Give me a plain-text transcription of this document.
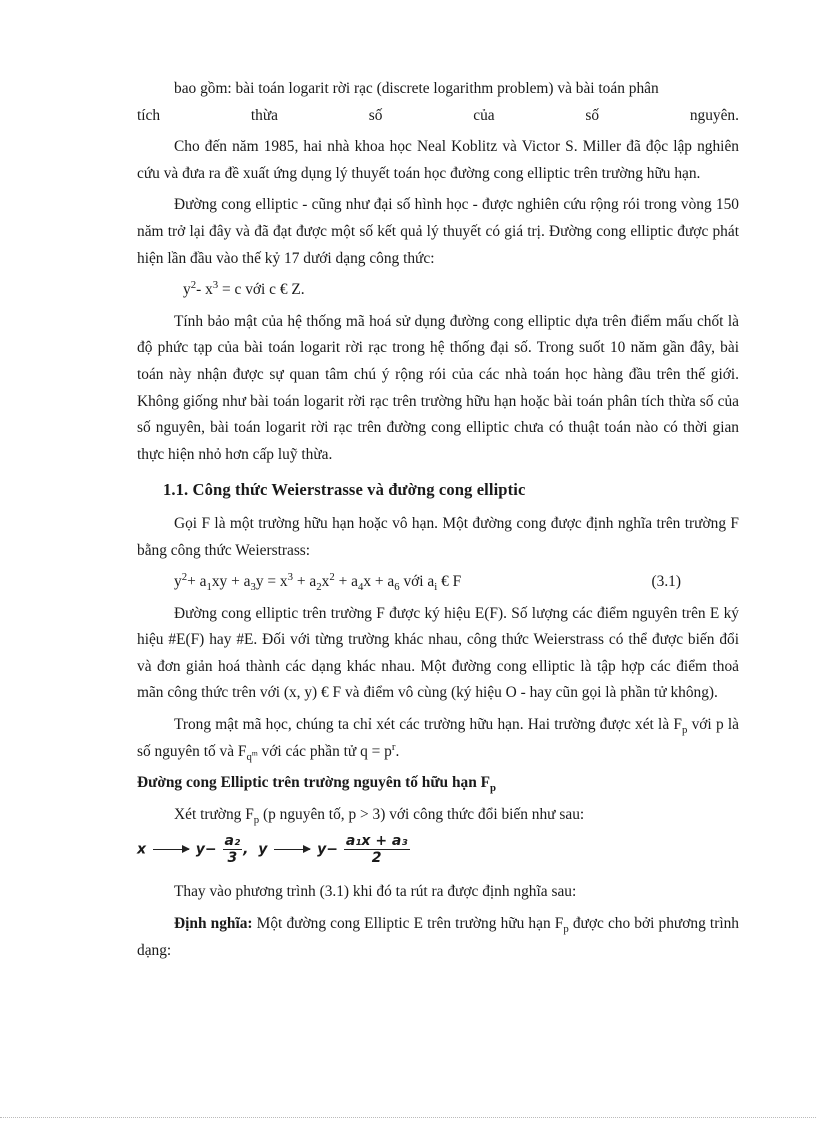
bao gồm: bài toán logarit rời rạc (discrete logarithm problem) và bài toán phân

tích	thừa	số	của	số	nguyên.

Cho đến năm 1985, hai nhà khoa học Neal Koblitz và Victor S. Miller đã độc lập nghiên cứu và đưa ra đề xuất ứng dụng lý thuyết toán học đường cong elliptic trên trường hữu hạn.

Đường cong elliptic - cũng như đại số hình học - được nghiên cứu rộng rói trong vòng 150 năm trở lại đây và đã đạt được một số kết quả lý thuyết có giá trị. Đường cong elliptic được phát hiện lần đầu vào thế kỷ 17 dưới dạng công thức:

$y^2-$ $x^3 = c$ với c € Z.

Tính bảo mật của hệ thống mã hoá sử dụng đường cong elliptic dựa trên điểm mấu chốt là độ phức tạp của bài toán logarit rời rạc trong hệ thống đại số. Trong suốt 10 năm gần đây, bài toán này nhận được sự quan tâm chú ý rộng rói của các nhà toán học hàng đầu trên thế giới. Không giống như bài toán logarit rời rạc trên trường hữu hạn hoặc bài toán phân tích thừa số của số nguyên, bài toán logarit rời rạc trên đường cong elliptic chưa có thuật toán nào có thời gian thực hiện nhỏ hơn cấp luỹ thừa.

1.1. Công thức Weierstrasse và đường cong elliptic

Gọi F là một trường hữu hạn hoặc vô hạn. Một đường cong được định nghĩa trên trường F bằng công thức Weierstrass:

$y^2+ a_1xy + a_3y = x^3 + a_2x^2 + a_4x + a_6$ với $a_i$ € F	(3.1)

Đường cong elliptic trên trường F được ký hiệu E(F). Số lượng các điểm nguyên trên E ký hiệu #E(F) hay #E. Đối với từng trường khác nhau, công thức Weierstrass có thể được biến đổi và đơn giản hoá thành các dạng khác nhau. Một đường cong elliptic là tập hợp các điểm thoả mãn công thức trên với (x, y) € F và điểm vô cùng (ký hiệu O - hay cũn gọi là phần tử không).

Trong mật mã học, chúng ta chỉ xét các trường hữu hạn. Hai trường được xét là $F_p$ với p là số nguyên tố và $F_{q^m}$ với các phần tử $q = p^r$.

Đường cong Elliptic trên trường nguyên tố hữu hạn $F_p$

Xét trường $F_p$ (p nguyên tố, p > 3) với công thức đổi biến như sau:

x	$y- \frac{\text{a₂}}{3}$ , y	$y- \frac{\text{a₁x + a₃}}{2}$

Thay vào phương trình (3.1) khi đó ta rút ra được định nghĩa sau:

Định nghĩa: Một đường cong Elliptic E trên trường hữu hạn $F_p$ được cho bởi phương trình dạng:
